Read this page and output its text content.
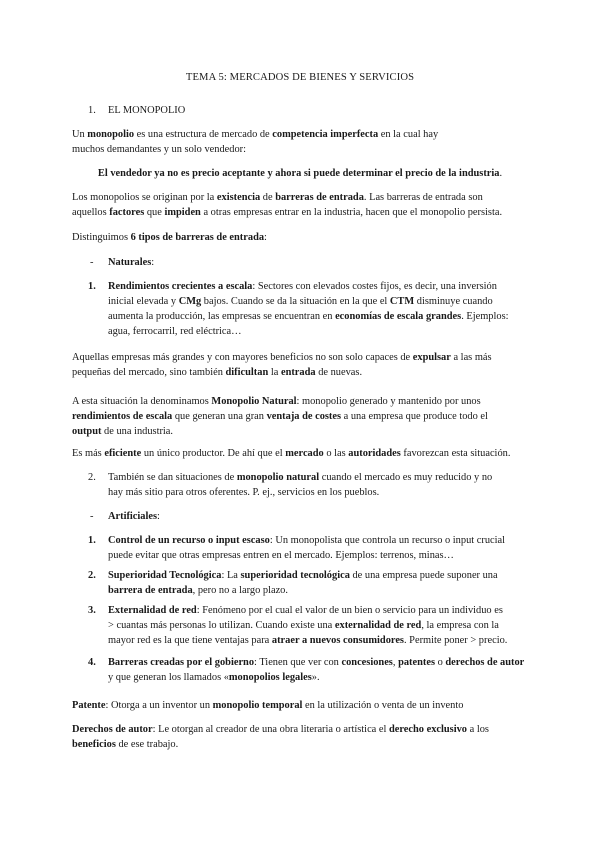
TEMA 5: MERCADOS DE BIENES Y SERVICIOS

1. EL MONOPOLIO

Un monopolio es una estructura de mercado de competencia imperfecta en la cual hay
muchos demandantes y un solo vendedor:

El vendedor ya no es precio aceptante y ahora si puede determinar el precio de la industria.

Los monopolios se originan por la existencia de barreras de entrada. Las barreras de entrada son
aquellos factores que impiden a otras empresas entrar en la industria, hacen que el monopolio persista.

Distinguimos 6 tipos de barreras de entrada:

- Naturales:

1. Rendimientos crecientes a escala: Sectores con elevados costes fijos, es decir, una inversión
inicial elevada y CMg bajos. Cuando se da la situación en la que el CTM disminuye cuando
aumenta la producción, las empresas se encuentran en economías de escala grandes. Ejemplos:
agua, ferrocarril, red eléctrica…

Aquellas empresas más grandes y con mayores beneficios no son solo capaces de expulsar a las más
pequeñas del mercado, sino también dificultan la entrada de nuevas.

A esta situación la denominamos Monopolio Natural: monopolio generado y mantenido por unos
rendimientos de escala que generan una gran ventaja de costes a una empresa que produce todo el
output de una industria.

Es más eficiente un único productor. De ahí que el mercado o las autoridades favorezcan esta situación.

2. También se dan situaciones de monopolio natural cuando el mercado es muy reducido y no
hay más sitio para otros oferentes. P. ej., servicios en los pueblos.

- Artificiales:

1. Control de un recurso o input escaso: Un monopolista que controla un recurso o input crucial
puede evitar que otras empresas entren en el mercado. Ejemplos: terrenos, minas…

2. Superioridad Tecnológica: La superioridad tecnológica de una empresa puede suponer una
barrera de entrada, pero no a largo plazo.

3. Externalidad de red: Fenómeno por el cual el valor de un bien o servicio para un individuo es
> cuantas más personas lo utilizan. Cuando existe una externalidad de red, la empresa con la
mayor red es la que tiene ventajas para atraer a nuevos consumidores. Permite poner > precio.

4. Barreras creadas por el gobierno: Tienen que ver con concesiones, patentes o derechos de autor
y que generan los llamados «monopolios legales».

Patente: Otorga a un inventor un monopolio temporal en la utilización o venta de un invento

Derechos de autor: Le otorgan al creador de una obra literaria o artística el derecho exclusivo a los
beneficios de ese trabajo.
